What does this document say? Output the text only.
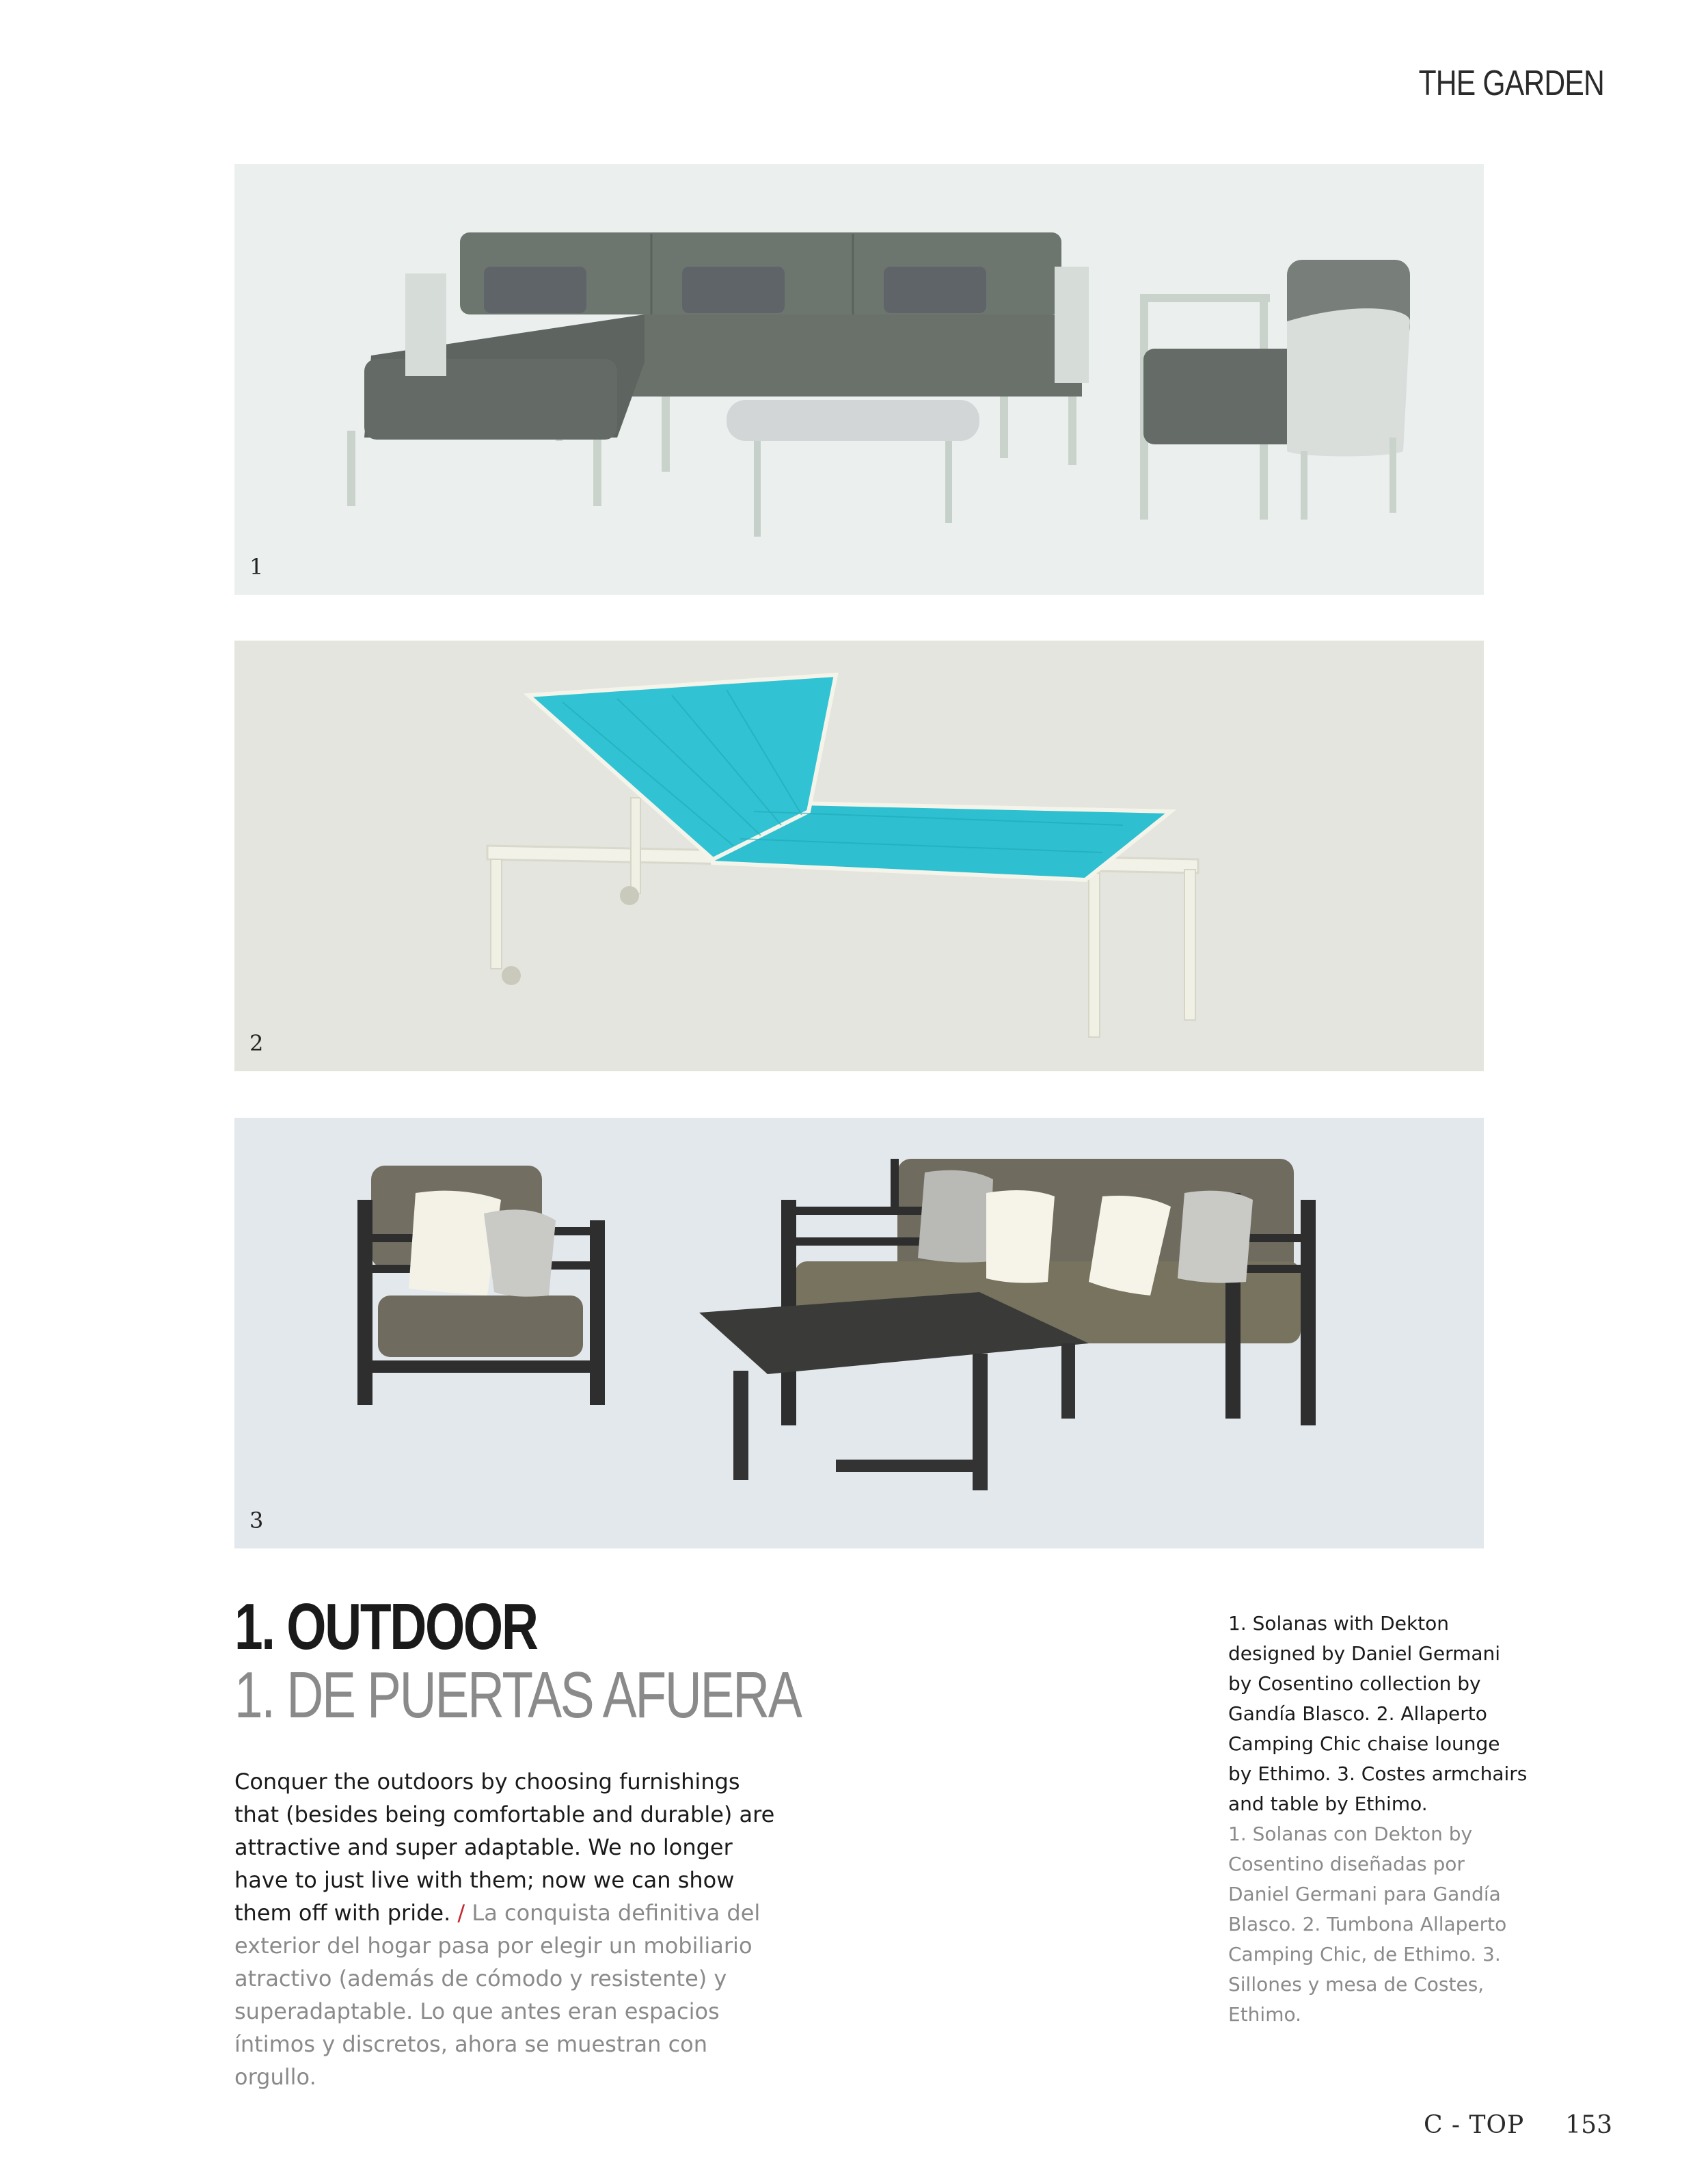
THE GARDEN
1
2
3
1. OUTDOOR
1. DE PUERTAS AFUERA
Conquer the outdoors by choosing furnishings that (besides being comfortable and durable) are attractive and super adaptable. We no longer have to just live with them; now we can show them off with pride. / La conquista definitiva del exterior del hogar pasa por elegir un mobiliario atractivo (además de cómodo y resistente) y superadaptable. Lo que antes eran espacios íntimos y discretos, ahora se muestran con orgullo.
1. Solanas with Dekton designed by Daniel Germani by Cosentino collection by Gandía Blasco. 2. Allaperto Camping Chic chaise lounge by Ethimo. 3. Costes armchairs and table by Ethimo.
1. Solanas con Dekton by Cosentino diseñadas por Daniel Germani para Gandía Blasco. 2. Tumbona Allaperto Camping Chic, de Ethimo. 3. Sillones y mesa de Costes, Ethimo.
C - TOP 153
